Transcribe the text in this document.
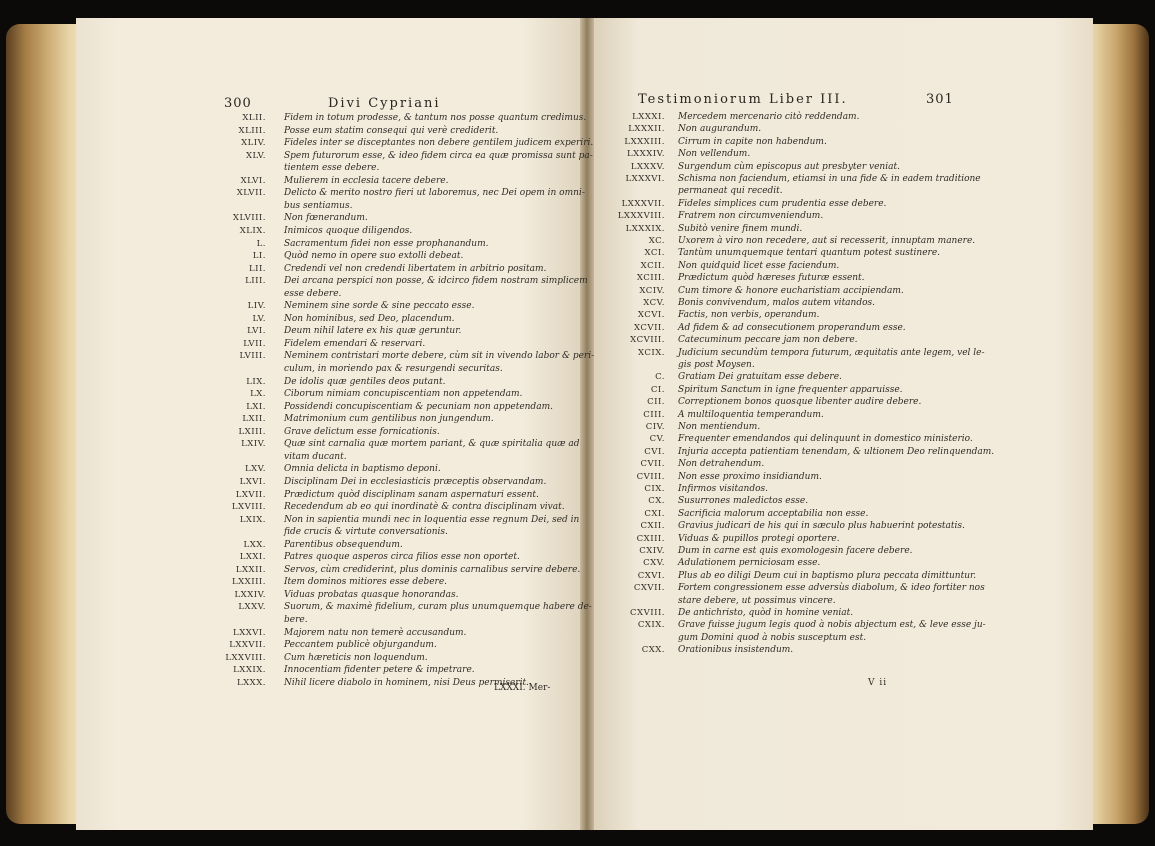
300	Divi Cypriani	Testimoniorum Liber III.	301
XLII. Fidem in totum prodesse, & tantum nos posse quantum credimus.
XLIII. Posse eum statim consequi qui verè crediderit.
XLIV. Fideles inter se disceptantes non debere gentilem judicem experiri.
XLV. Spem futurorum esse, & ideo fidem circa ea quæ promissa sunt pa-
tientem esse debere.
XLVI. Mulierem in ecclesia tacere debere.
XLVII. Delicto & merito nostro fieri ut laboremus, nec Dei opem in omni-
bus sentiamus.
XLVIII. Non fœnerandum.
XLIX. Inimicos quoque diligendos.
L. Sacramentum fidei non esse prophanandum.
LI. Quòd nemo in opere suo extolli debeat.
LII. Credendi vel non credendi libertatem in arbitrio positam.
LIII. Dei arcana perspici non posse, & idcirco fidem nostram simplicem
esse debere.
LIV. Neminem sine sorde & sine peccato esse.
LV. Non hominibus, sed Deo, placendum.
LVI. Deum nihil latere ex his quæ geruntur.
LVII. Fidelem emendari & reservari.
LVIII. Neminem contristari morte debere, cùm sit in vivendo labor & peri-
culum, in moriendo pax & resurgendi securitas.
LIX. De idolis quæ gentiles deos putant.
LX. Ciborum nimiam concupiscentiam non appetendam.
LXI. Possidendi concupiscentiam & pecuniam non appetendam.
LXII. Matrimonium cum gentilibus non jungendum.
LXIII. Grave delictum esse fornicationis.
LXIV. Quæ sint carnalia quæ mortem pariant, & quæ spiritalia quæ ad
vitam ducant.
LXV. Omnia delicta in baptismo deponi.
LXVI. Disciplinam Dei in ecclesiasticis præceptis observandam.
LXVII. Prædictum quòd disciplinam sanam aspernaturi essent.
LXVIII. Recedendum ab eo qui inordinatè & contra disciplinam vivat.
LXIX. Non in sapientia mundi nec in loquentia esse regnum Dei, sed in
fide crucis & virtute conversationis.
LXX. Parentibus obsequendum.
LXXI. Patres quoque asperos circa filios esse non oportet.
LXXII. Servos, cùm crediderint, plus dominis carnalibus servire debere.
LXXIII. Item dominos mitiores esse debere.
LXXIV. Viduas probatas quasque honorandas.
LXXV. Suorum, & maximè fidelium, curam plus unumquemque habere de-
bere.
LXXVI. Majorem natu non temerè accusandum.
LXXVII. Peccantem publicè objurgandum.
LXXVIII. Cum hæreticis non loquendum.
LXXIX. Innocentiam fidenter petere & impetrare.
LXXX. Nihil licere diabolo in hominem, nisi Deus permiserit.
LXXXI. Mercedem mercenario citò reddendam.
LXXXII. Non augurandum.
LXXXIII. Cirrum in capite non habendum.
LXXXIV. Non vellendum.
LXXXV. Surgendum cùm episcopus aut presbyter veniat.
LXXXVI. Schisma non faciendum, etiamsi in una fide & in eadem traditione
permaneat qui recedit.
LXXXVII. Fideles simplices cum prudentia esse debere.
LXXXVIII. Fratrem non circumveniendum.
LXXXIX. Subitò venire finem mundi.
XC. Uxorem à viro non recedere, aut si recesserit, innuptam manere.
XCI. Tantùm unumquemque tentari quantum potest sustinere.
XCII. Non quidquid licet esse faciendum.
XCIII. Prædictum quòd hæreses futuræ essent.
XCIV. Cum timore & honore eucharistiam accipiendam.
XCV. Bonis convivendum, malos autem vitandos.
XCVI. Factis, non verbis, operandum.
XCVII. Ad fidem & ad consecutionem properandum esse.
XCVIII. Catecuminum peccare jam non debere.
XCIX. Judicium secundùm tempora futurum, æquitatis ante legem, vel le-
gis post Moysen.
C. Gratiam Dei gratuitam esse debere.
CI. Spiritum Sanctum in igne frequenter apparuisse.
CII. Correptionem bonos quosque libenter audire debere.
CIII. A multiloquentia temperandum.
CIV. Non mentiendum.
CV. Frequenter emendandos qui delinquunt in domestico ministerio.
CVI. Injuria accepta patientiam tenendam, & ultionem Deo relinquendam.
CVII. Non detrahendum.
CVIII. Non esse proximo insidiandum.
CIX. Infirmos visitandos.
CX. Susurrones maledictos esse.
CXI. Sacrificia malorum acceptabilia non esse.
CXII. Gravius judicari de his qui in sæculo plus habuerint potestatis.
CXIII. Viduas & pupillos protegi oportere.
CXIV. Dum in carne est quis exomologesin facere debere.
CXV. Adulationem perniciosam esse.
CXVI. Plus ab eo diligi Deum cui in baptismo plura peccata dimittuntur.
CXVII. Fortem congressionem esse adversùs diabolum, & ideo fortiter nos
stare debere, ut possimus vincere.
CXVIII. De antichristo, quòd in homine veniat.
CXIX. Grave fuisse jugum legis quod à nobis abjectum est, & leve esse ju-
gum Domini quod à nobis susceptum est.
CXX. Orationibus insistendum.
LXXXI. Mer-	V ii
